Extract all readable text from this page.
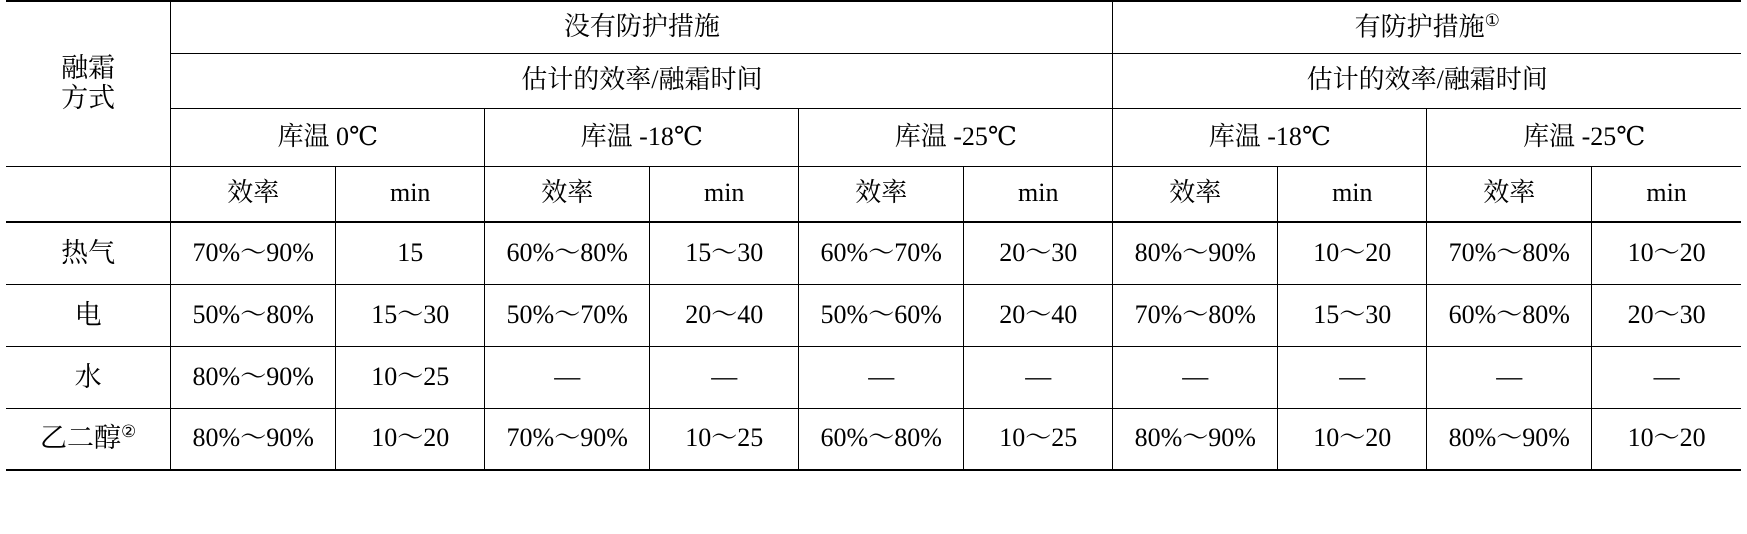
融霜
方式	没有防护措施						有防护措施①
	估计的效率/融霜时间						估计的效率/融霜时间			
	库温 0℃		库温 -18℃		库温 -25℃		库温 -18℃		库温 -25℃	
	效率	min	效率	min	效率	min	效率	min	效率	min
热气	70%～90%	15	60%～80%	15～30	60%～70%	20～30	80%～90%	10～20	70%～80%	10～20
电	50%～80%	15～30	50%～70%	20～40	50%～60%	20～40	70%～80%	15～30	60%～80%	20～30
水	80%～90%	10～25	—	—	—	—	—	—	—	—
乙二醇②	80%～90%	10～20	70%～90%	10～25	60%～80%	10～25	80%～90%	10～20	80%～90%	10～20
